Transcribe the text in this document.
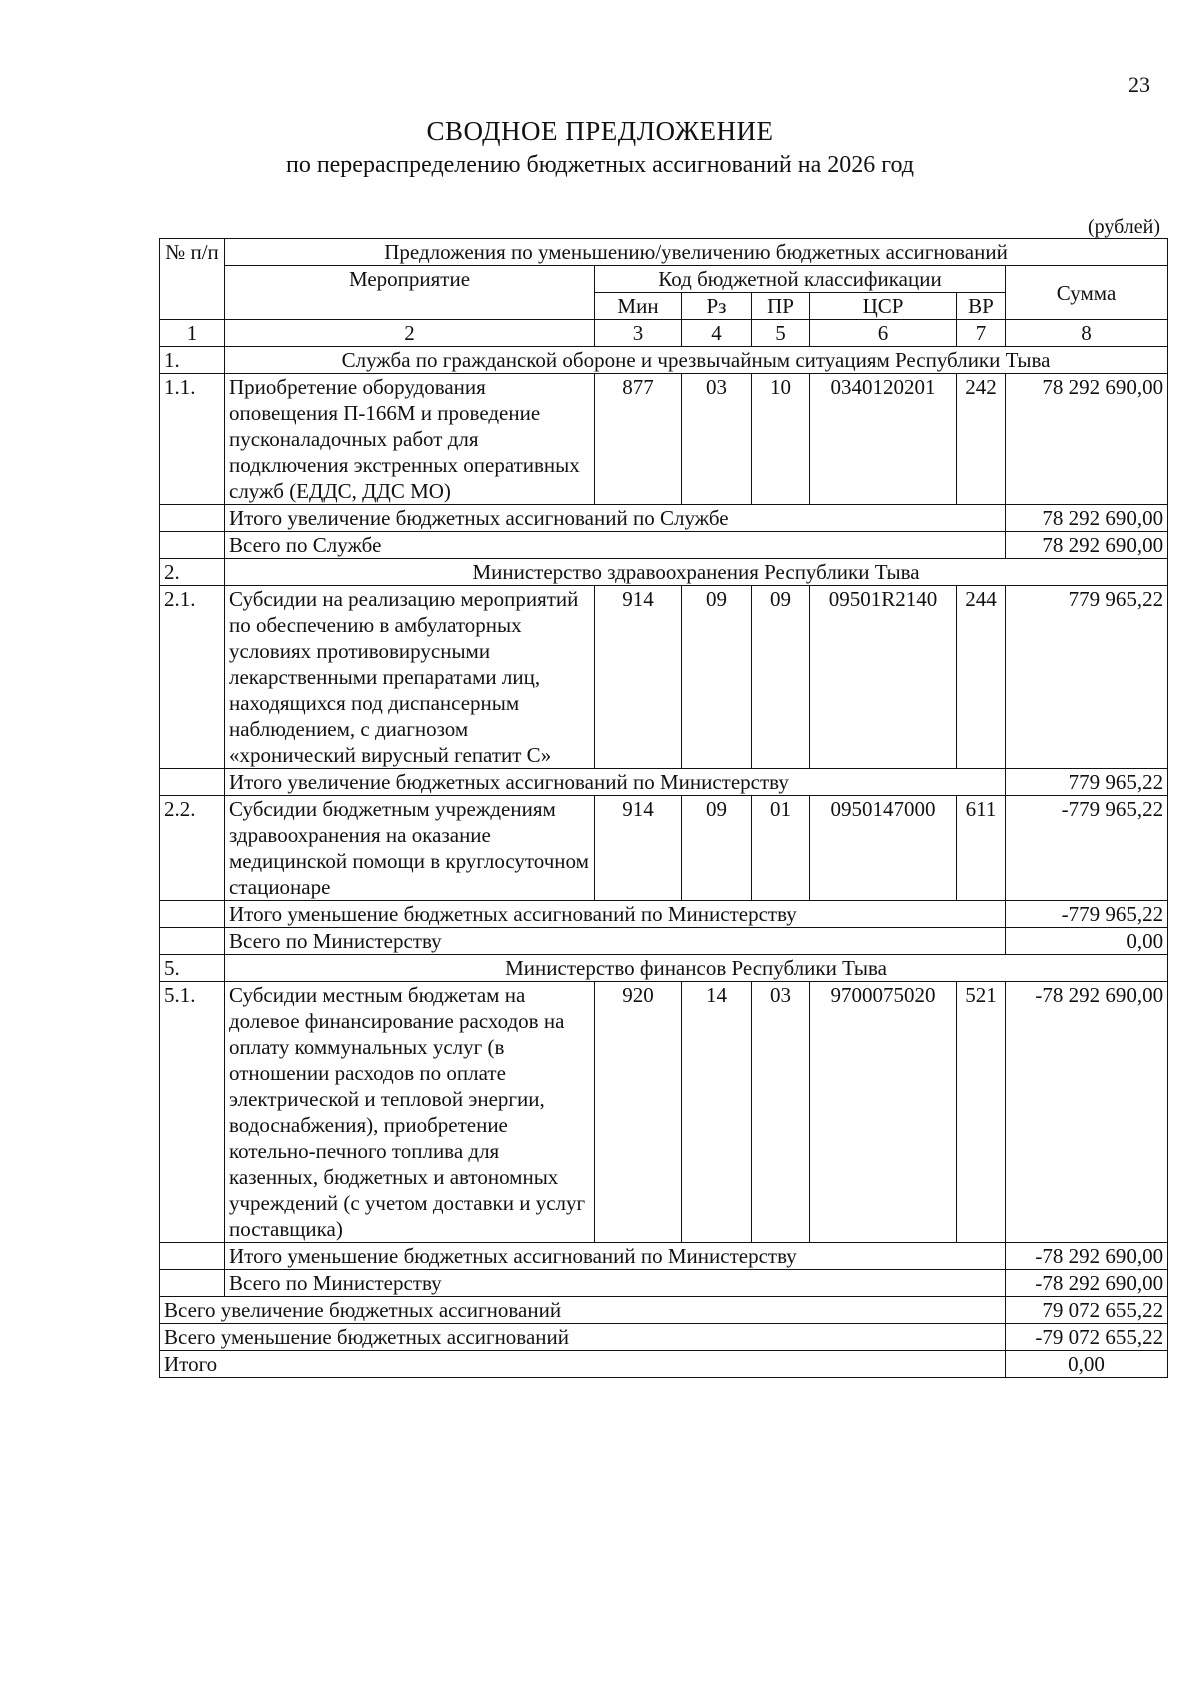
23
СВОДНОЕ ПРЕДЛОЖЕНИЕ
по перераспределению бюджетных ассигнований на 2026 год
(рублей)
№ п/п	Предложения по уменьшению/увеличению бюджетных ассигнований						
	Мероприятие	Код бюджетной классификации					Сумма
		Мин	Рз	ПР	ЦСР	ВР	
1	2	3	4	5	6	7	8
1.	Служба по гражданской обороне и чрезвычайным ситуациям Республики Тыва						
1.1.	Приобретение оборудования оповещения П-166М и проведение пусконаладочных работ для подключения экстренных оперативных служб (ЕДДС, ДДС МО)	877	03	10	0340120201	242	78 292 690,00
	Итого увеличение бюджетных ассигнований по Службе						78 292 690,00
	Всего по Службе						78 292 690,00
2.	Министерство здравоохранения Республики Тыва						
2.1.	Субсидии на реализацию мероприятий по обеспечению в амбулаторных условиях противовирусными лекарственными препаратами лиц, находящихся под диспансерным наблюдением, с диагнозом «хронический вирусный гепатит С»	914	09	09	09501R2140	244	779 965,22
	Итого увеличение бюджетных ассигнований по Министерству						779 965,22
2.2.	Субсидии бюджетным учреждениям здравоохранения на оказание медицинской помощи в круглосуточном стационаре	914	09	01	0950147000	611	-779 965,22
	Итого уменьшение бюджетных ассигнований по Министерству						-779 965,22
	Всего по Министерству						0,00
5.	Министерство финансов Республики Тыва						
5.1.	Субсидии местным бюджетам на долевое финансирование расходов на оплату коммунальных услуг (в отношении расходов по оплате электрической и тепловой энергии, водоснабжения), приобретение котельно-печного топлива для казенных, бюджетных и автономных учреждений (с учетом доставки и услуг поставщика)	920	14	03	9700075020	521	-78 292 690,00
	Итого уменьшение бюджетных ассигнований по Министерству						-78 292 690,00
	Всего по Министерству						-78 292 690,00
Всего увеличение бюджетных ассигнований							79 072 655,22
Всего уменьшение бюджетных ассигнований							-79 072 655,22
Итого							0,00
